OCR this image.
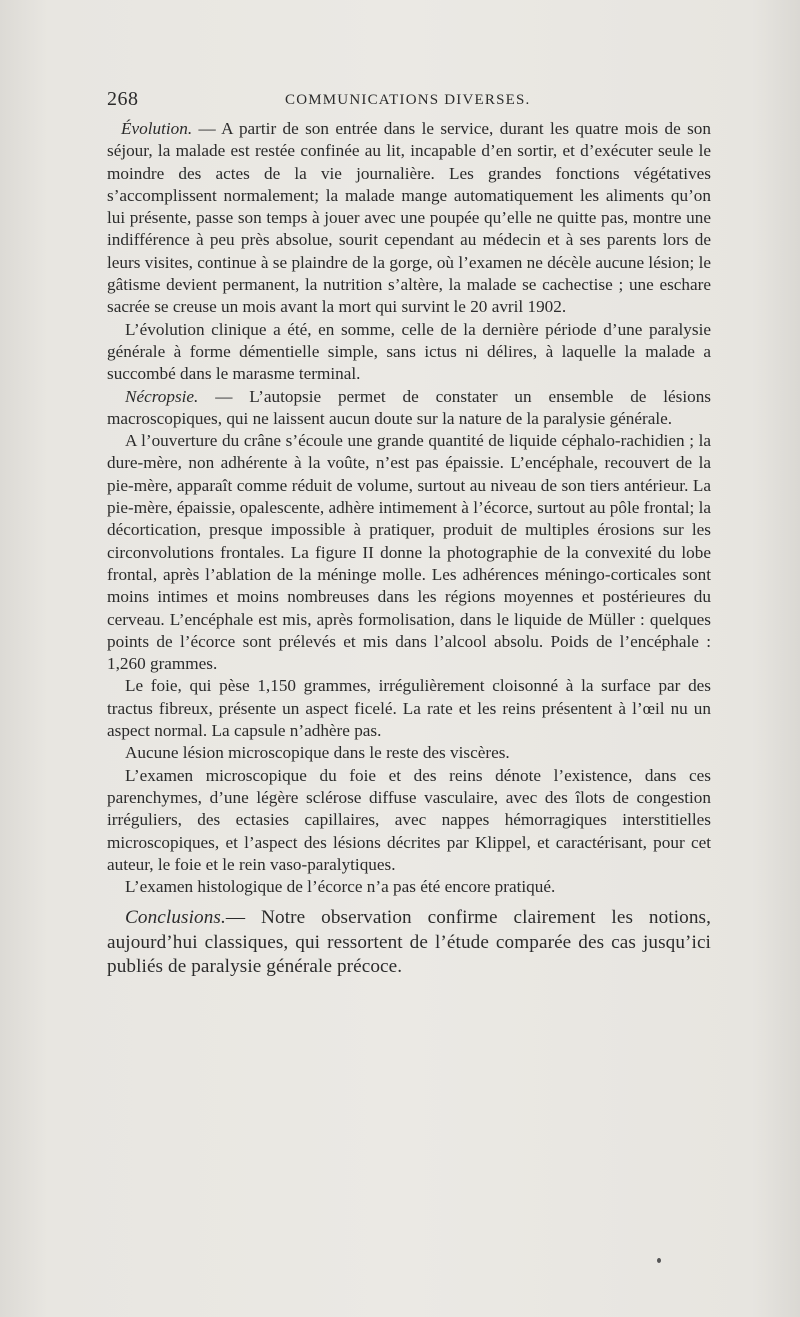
268	COMMUNICATIONS DIVERSES.

Évolution. — A partir de son entrée dans le service, durant les quatre mois de son séjour, la malade est restée confinée au lit, incapable d’en sortir, et d’exécuter seule le moindre des actes de la vie journalière. Les grandes fonctions végétatives s’accomplissent normalement; la malade mange automatiquement les aliments qu’on lui présente, passe son temps à jouer avec une poupée qu’elle ne quitte pas, montre une indifférence à peu près absolue, sourit cependant au médecin et à ses parents lors de leurs visites, continue à se plaindre de la gorge, où l’examen ne décèle aucune lésion; le gâtisme devient permanent, la nutrition s’altère, la malade se cachectise ; une eschare sacrée se creuse un mois avant la mort qui survint le 20 avril 1902.

L’évolution clinique a été, en somme, celle de la dernière période d’une paralysie générale à forme démentielle simple, sans ictus ni délires, à laquelle la malade a succombé dans le marasme terminal.

Nécropsie. — L’autopsie permet de constater un ensemble de lésions macroscopiques, qui ne laissent aucun doute sur la nature de la paralysie générale.

A l’ouverture du crâne s’écoule une grande quantité de liquide céphalo-rachidien ; la dure-mère, non adhérente à la voûte, n’est pas épaissie. L’encéphale, recouvert de la pie-mère, apparaît comme réduit de volume, surtout au niveau de son tiers antérieur. La pie-mère, épaissie, opalescente, adhère intimement à l’écorce, surtout au pôle frontal; la décortication, presque impossible à pratiquer, produit de multiples érosions sur les circonvolutions frontales. La figure II donne la photographie de la convexité du lobe frontal, après l’ablation de la méninge molle. Les adhérences méningo-corticales sont moins intimes et moins nombreuses dans les régions moyennes et postérieures du cerveau. L’encéphale est mis, après formolisation, dans le liquide de Müller : quelques points de l’écorce sont prélevés et mis dans l’alcool absolu. Poids de l’encéphale : 1,260 grammes.

Le foie, qui pèse 1,150 grammes, irrégulièrement cloisonné à la surface par des tractus fibreux, présente un aspect ficelé. La rate et les reins présentent à l’œil nu un aspect normal. La capsule n’adhère pas.

Aucune lésion microscopique dans le reste des viscères.

L’examen microscopique du foie et des reins dénote l’existence, dans ces parenchymes, d’une légère sclérose diffuse vasculaire, avec des îlots de congestion irréguliers, des ectasies capillaires, avec nappes hémorragiques interstitielles microscopiques, et l’aspect des lésions décrites par Klippel, et caractérisant, pour cet auteur, le foie et le rein vaso-paralytiques.

L’examen histologique de l’écorce n’a pas été encore pratiqué.

Conclusions.— Notre observation confirme clairement les notions, aujourd’hui classiques, qui ressortent de l’étude comparée des cas jusqu’ici publiés de paralysie générale précoce.
